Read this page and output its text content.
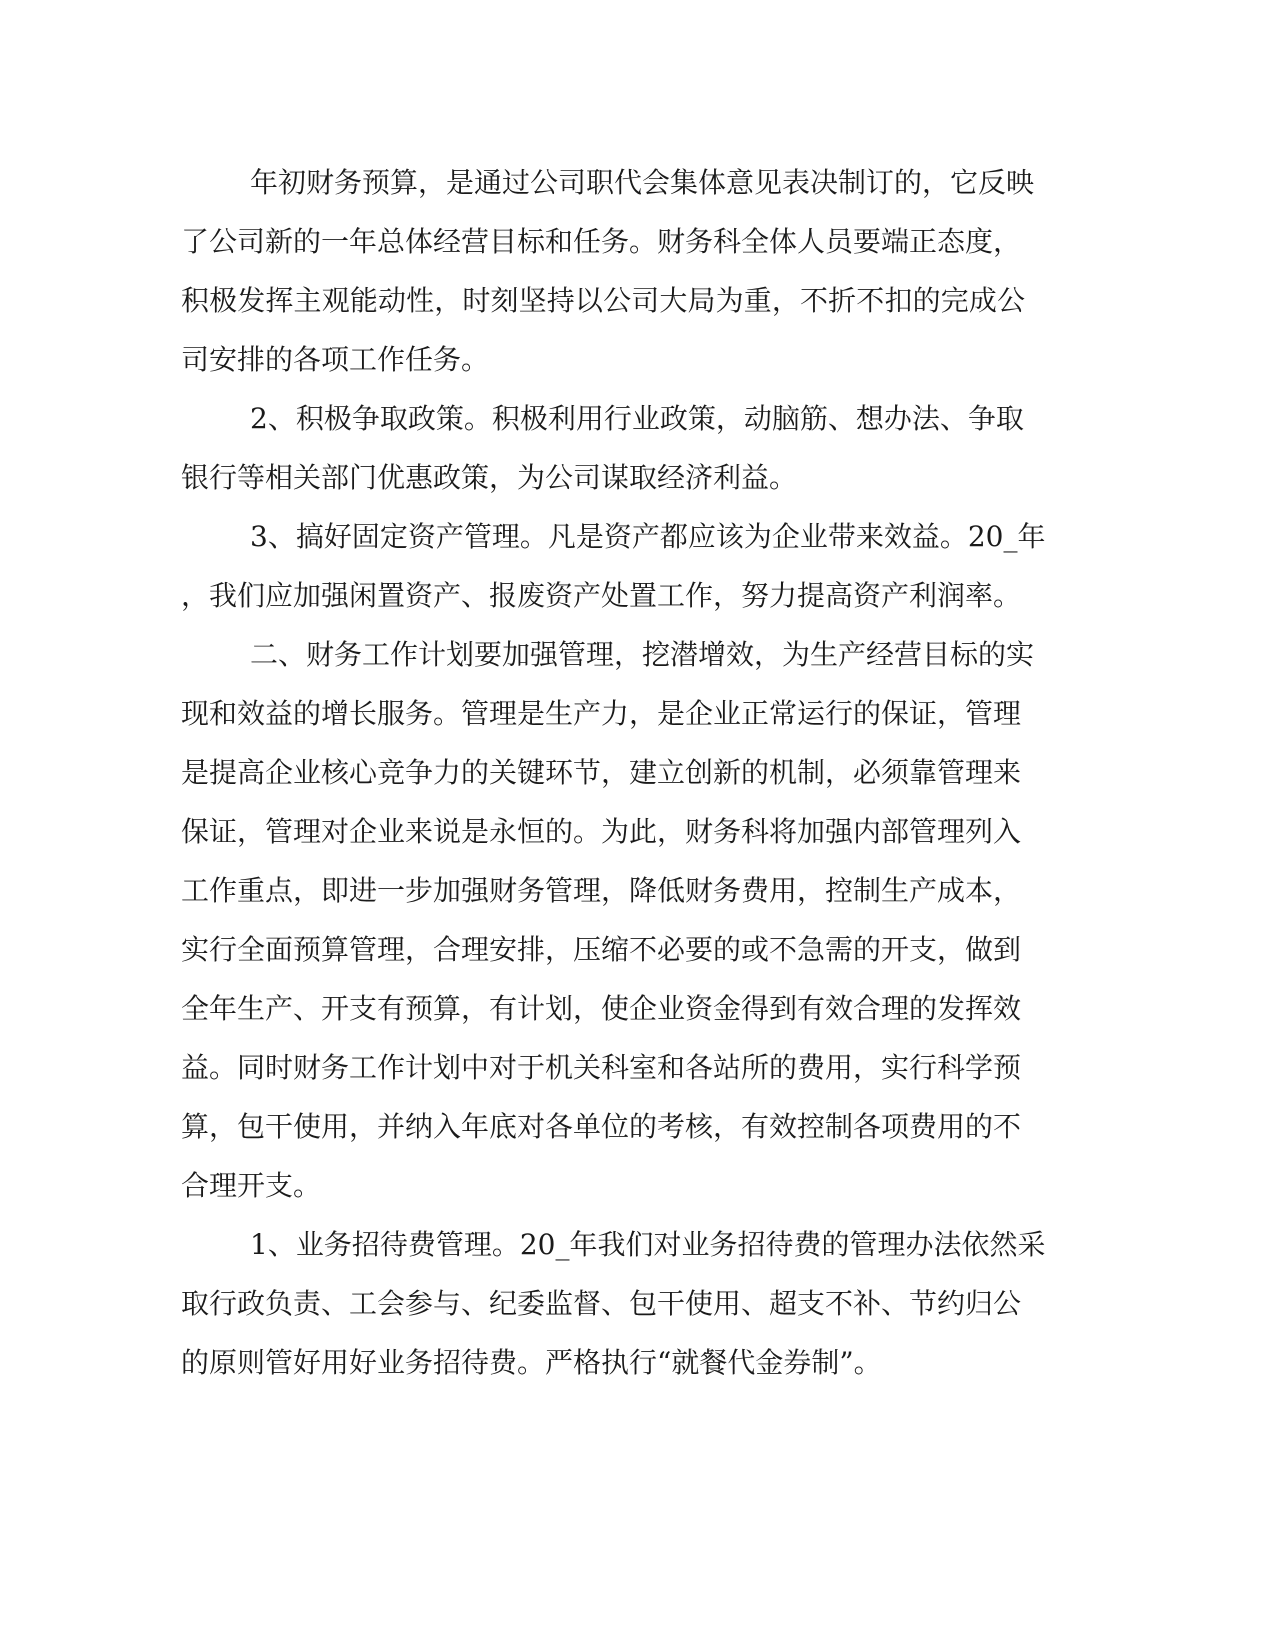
年初财务预算，是通过公司职代会集体意见表决制订的，它反映

了公司新的一年总体经营目标和任务。财务科全体人员要端正态度，

积极发挥主观能动性，时刻坚持以公司大局为重，不折不扣的完成公

司安排的各项工作任务。

2、积极争取政策。积极利用行业政策，动脑筋、想办法、争取

银行等相关部门优惠政策，为公司谋取经济利益。

3、搞好固定资产管理。凡是资产都应该为企业带来效益。20_年

，我们应加强闲置资产、报废资产处置工作，努力提高资产利润率。

二、财务工作计划要加强管理，挖潜增效，为生产经营目标的实

现和效益的增长服务。管理是生产力，是企业正常运行的保证，管理

是提高企业核心竞争力的关键环节，建立创新的机制，必须靠管理来

保证，管理对企业来说是永恒的。为此，财务科将加强内部管理列入

工作重点，即进一步加强财务管理，降低财务费用，控制生产成本，

实行全面预算管理，合理安排，压缩不必要的或不急需的开支，做到

全年生产、开支有预算，有计划，使企业资金得到有效合理的发挥效

益。同时财务工作计划中对于机关科室和各站所的费用，实行科学预

算，包干使用，并纳入年底对各单位的考核，有效控制各项费用的不

合理开支。

1、业务招待费管理。20_年我们对业务招待费的管理办法依然采

取行政负责、工会参与、纪委监督、包干使用、超支不补、节约归公

的原则管好用好业务招待费。严格执行“就餐代金券制”。
